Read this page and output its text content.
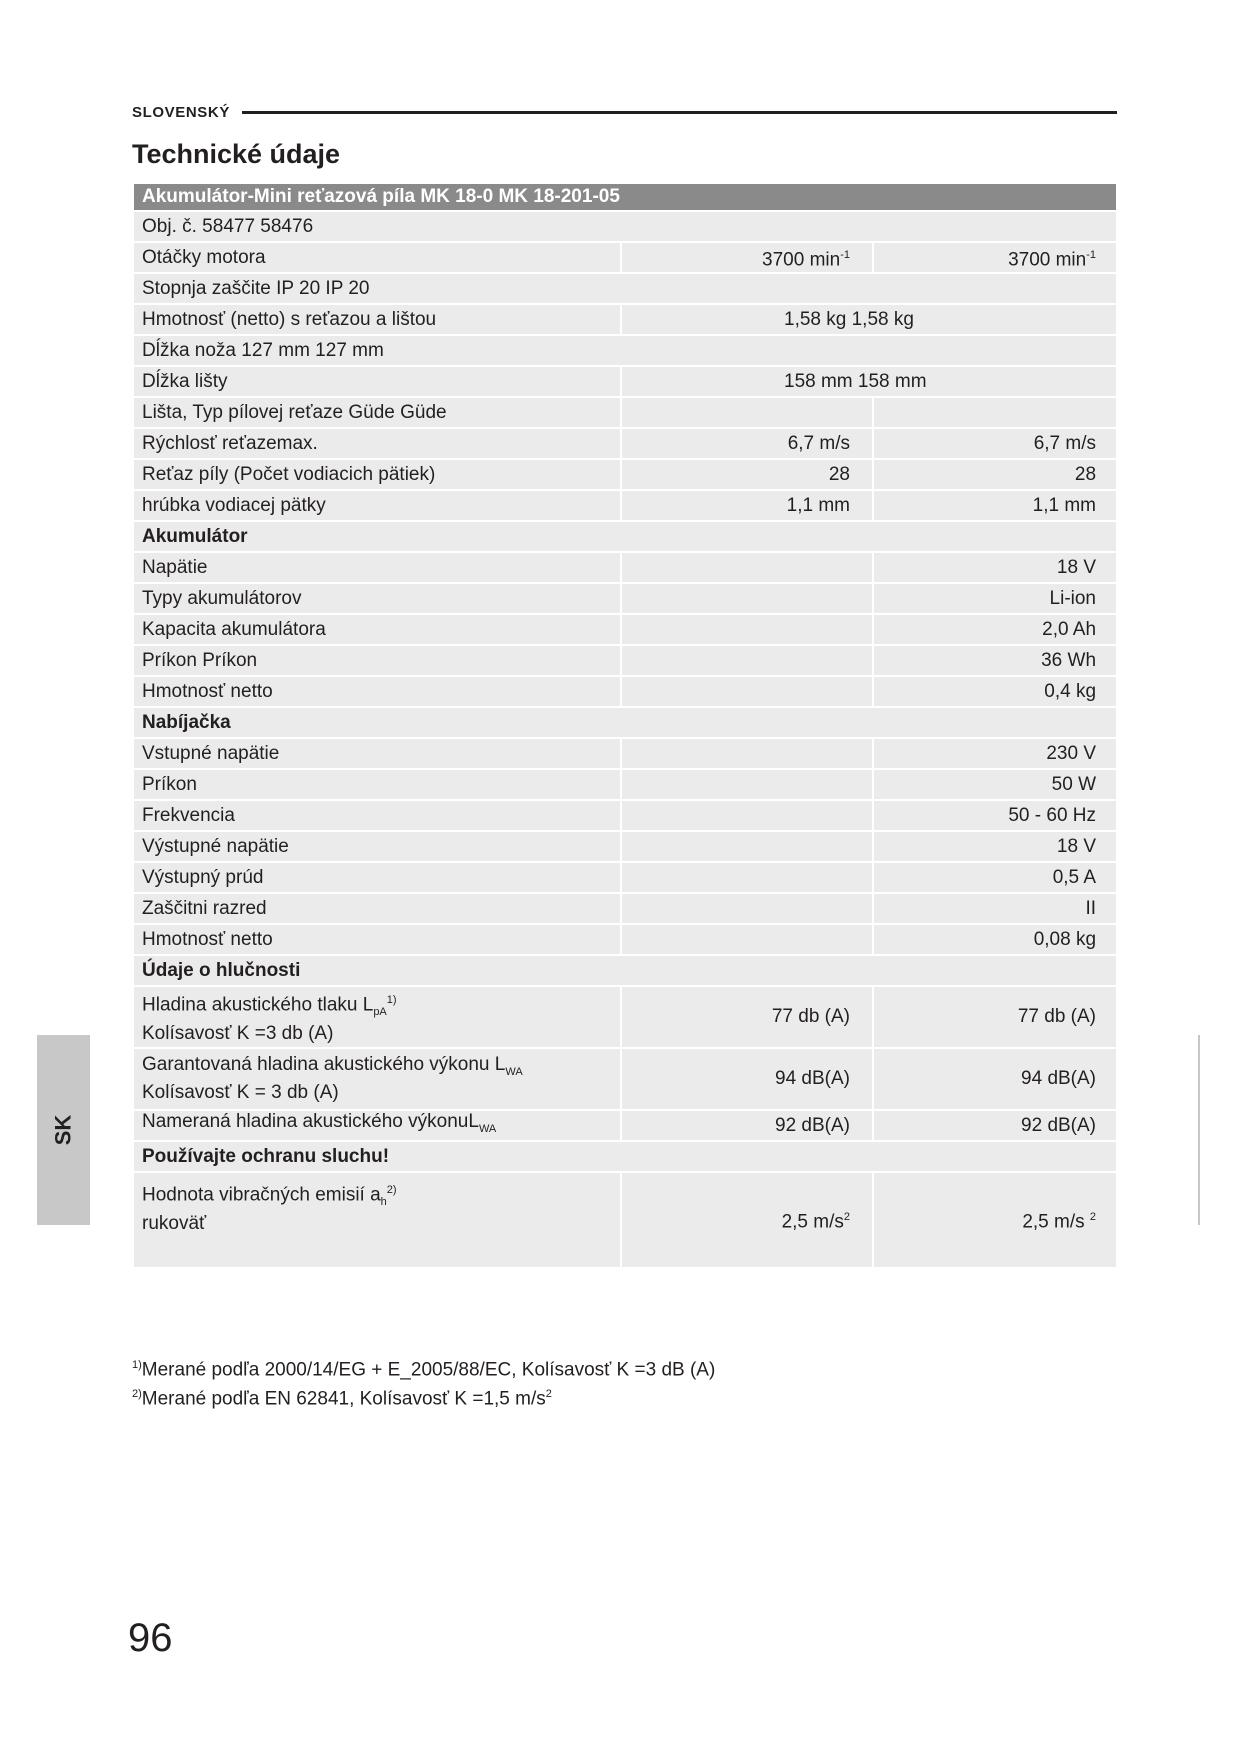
SLOVENSKÝ
Technické údaje
Akumulátor-Mini reťazová píla MK 18-0 MK 18-201-05		
Obj. č. 58477 58476		
Otáčky motora	3700 $\min^{-1}$	3700 $\min^{-1}$
Stopnja zaščite IP 20 IP 20		
Hmotnosť (netto) s reťazou a lištou	1,58 kg 1,58 kg	
Dĺžka noža 127 mm 127 mm		
Dĺžka lišty	158 mm 158 mm	
Lišta, Typ pílovej reťaze Güde Güde		
Rýchlosť reťazemax.	6,7 m/s	6,7 m/s
Reťaz píly (Počet vodiacich pätiek)	28	28
hrúbka vodiacej pätky	1,1 mm	1,1 mm
Akumulátor		
Napätie		18 V
Typy akumulátorov		Li-ion
Kapacita akumulátora		2,0 Ah
Príkon Príkon		36 Wh
Hmotnosť netto		0,4 kg
Nabíjačka		
Vstupné napätie		230 V
Príkon		50 W
Frekvencia		50 - 60 Hz
Výstupné napätie		18 V
Výstupný prúd		0,5 A
Zaščitni razred		II
Hmotnosť netto		0,08 kg
Údaje o hlučnosti		
Hladina akustického tlaku $L_{pA}^{1)}$
Kolísavosť K =3 db (A)	77 db (A)	77 db (A)
Garantovaná hladina akustického výkonu $L_{WA}$
Kolísavosť K = 3 db (A)	94 dB(A)	94 dB(A)
Nameraná hladina akustického výkonuL$_{WA}$	92 dB(A)	92 dB(A)
Používajte ochranu sluchu!		
Hodnota vibračných emisií $a_h^{2)}$
rukoväť	2,5 $m/s^2$	2,5 m/s $^2$
$^{1)}$Merané podľa 2000/14/EG + E_2005/88/EC, Kolísavosť K =3 dB (A)
$^{2)}$Merané podľa EN 62841, Kolísavosť K =1,5 $m/s^2$
SK
96
